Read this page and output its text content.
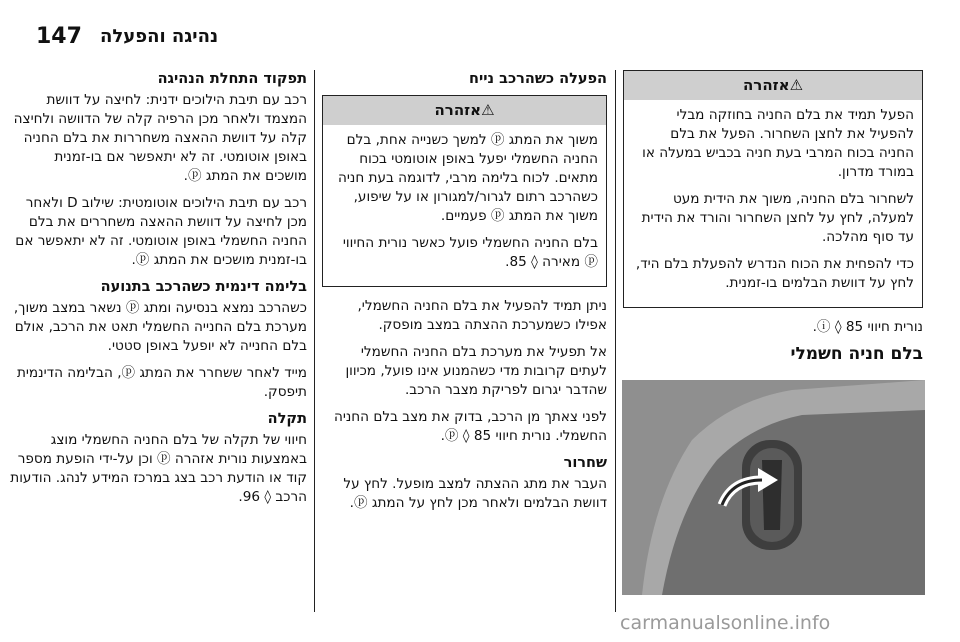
147 נהיגה והפעלה
⚠אזהרה

הפעל תמיד את בלם החניה בחוזקה מבלי להפעיל את לחצן השחרור. הפעל את בלם החניה בכוח המרבי בעת חניה בכביש במעלה או במורד מדרון.

לשחרור בלם החניה, משוך את הידית מעט למעלה, לחץ על לחצן השחרור והורד את הידית עד סוף מהלכה.

כדי להפחית את הכוח הנדרש להפעלת בלם היד, לחץ על דוושת הבלמים בו-זמנית.

נורית חיווי ⓘ ◊ 85.

בלם חניה חשמלי
הפעלה כשהרכב נייח
⚠אזהרה

משוך את המתג ⓟ למשך כשנייה אחת, בלם החניה החשמלי יפעל באופן אוטומטי בכוח מתאים. לכוח בלימה מרבי, לדוגמה בעת חניה כשהרכב רתום לגרור/למגורון או על שיפוע, משוך את המתג ⓟ פעמיים.

בלם החניה החשמלי פועל כאשר נורית החיווי ⓟ מאירה ◊ 85.

ניתן תמיד להפעיל את בלם החניה החשמלי, אפילו כשמערכת ההצתה במצב מופסק.

אל תפעיל את מערכת בלם החניה החשמלי לעתים קרובות מדי כשהמנוע אינו פועל, מכיוון שהדבר יגרום לפריקת מצבר הרכב.

לפני צאתך מן הרכב, בדוק את מצב בלם החניה החשמלי. נורית חיווי ⓟ ◊ 85.

שחרור

העבר את מתג ההצתה למצב מופעל. לחץ על דוושת הבלמים ולאחר מכן לחץ על המתג ⓟ.

תפקוד התחלת הנהיגה

רכב עם תיבת הילוכים ידנית: לחיצה על דוושת המצמד ולאחר מכן הרפיה קלה של הדוושה ולחיצה קלה על דוושת ההאצה משחררות את בלם החניה באופן אוטומטי. זה לא יתאפשר אם בו-זמנית מושכים את המתג ⓟ.

רכב עם תיבת הילוכים אוטומטית: שילוב D ולאחר מכן לחיצה על דוושת ההאצה משחררים את בלם החניה החשמלי באופן אוטומטי. זה לא יתאפשר אם בו-זמנית מושכים את המתג ⓟ.

בלימה דינמית כשהרכב בתנועה

כשהרכב נמצא בנסיעה ומתג ⓟ נשאר במצב משוך, מערכת בלם החנייה החשמלי תאט את הרכב, אולם בלם החנייה לא יופעל באופן סטטי.

מייד לאחר ששחרר את המתג ⓟ, הבלימה הדינמית תיפסק.

תקלה

חיווי של תקלה של בלם החניה החשמלי מוצג באמצעות נורית אזהרה ⓟ וכן על-ידי הופעת מספר קוד או הודעת רכב בצג במרכז המידע לנהג. הודעות הרכב ◊ 96.

carmanualsonline.info
